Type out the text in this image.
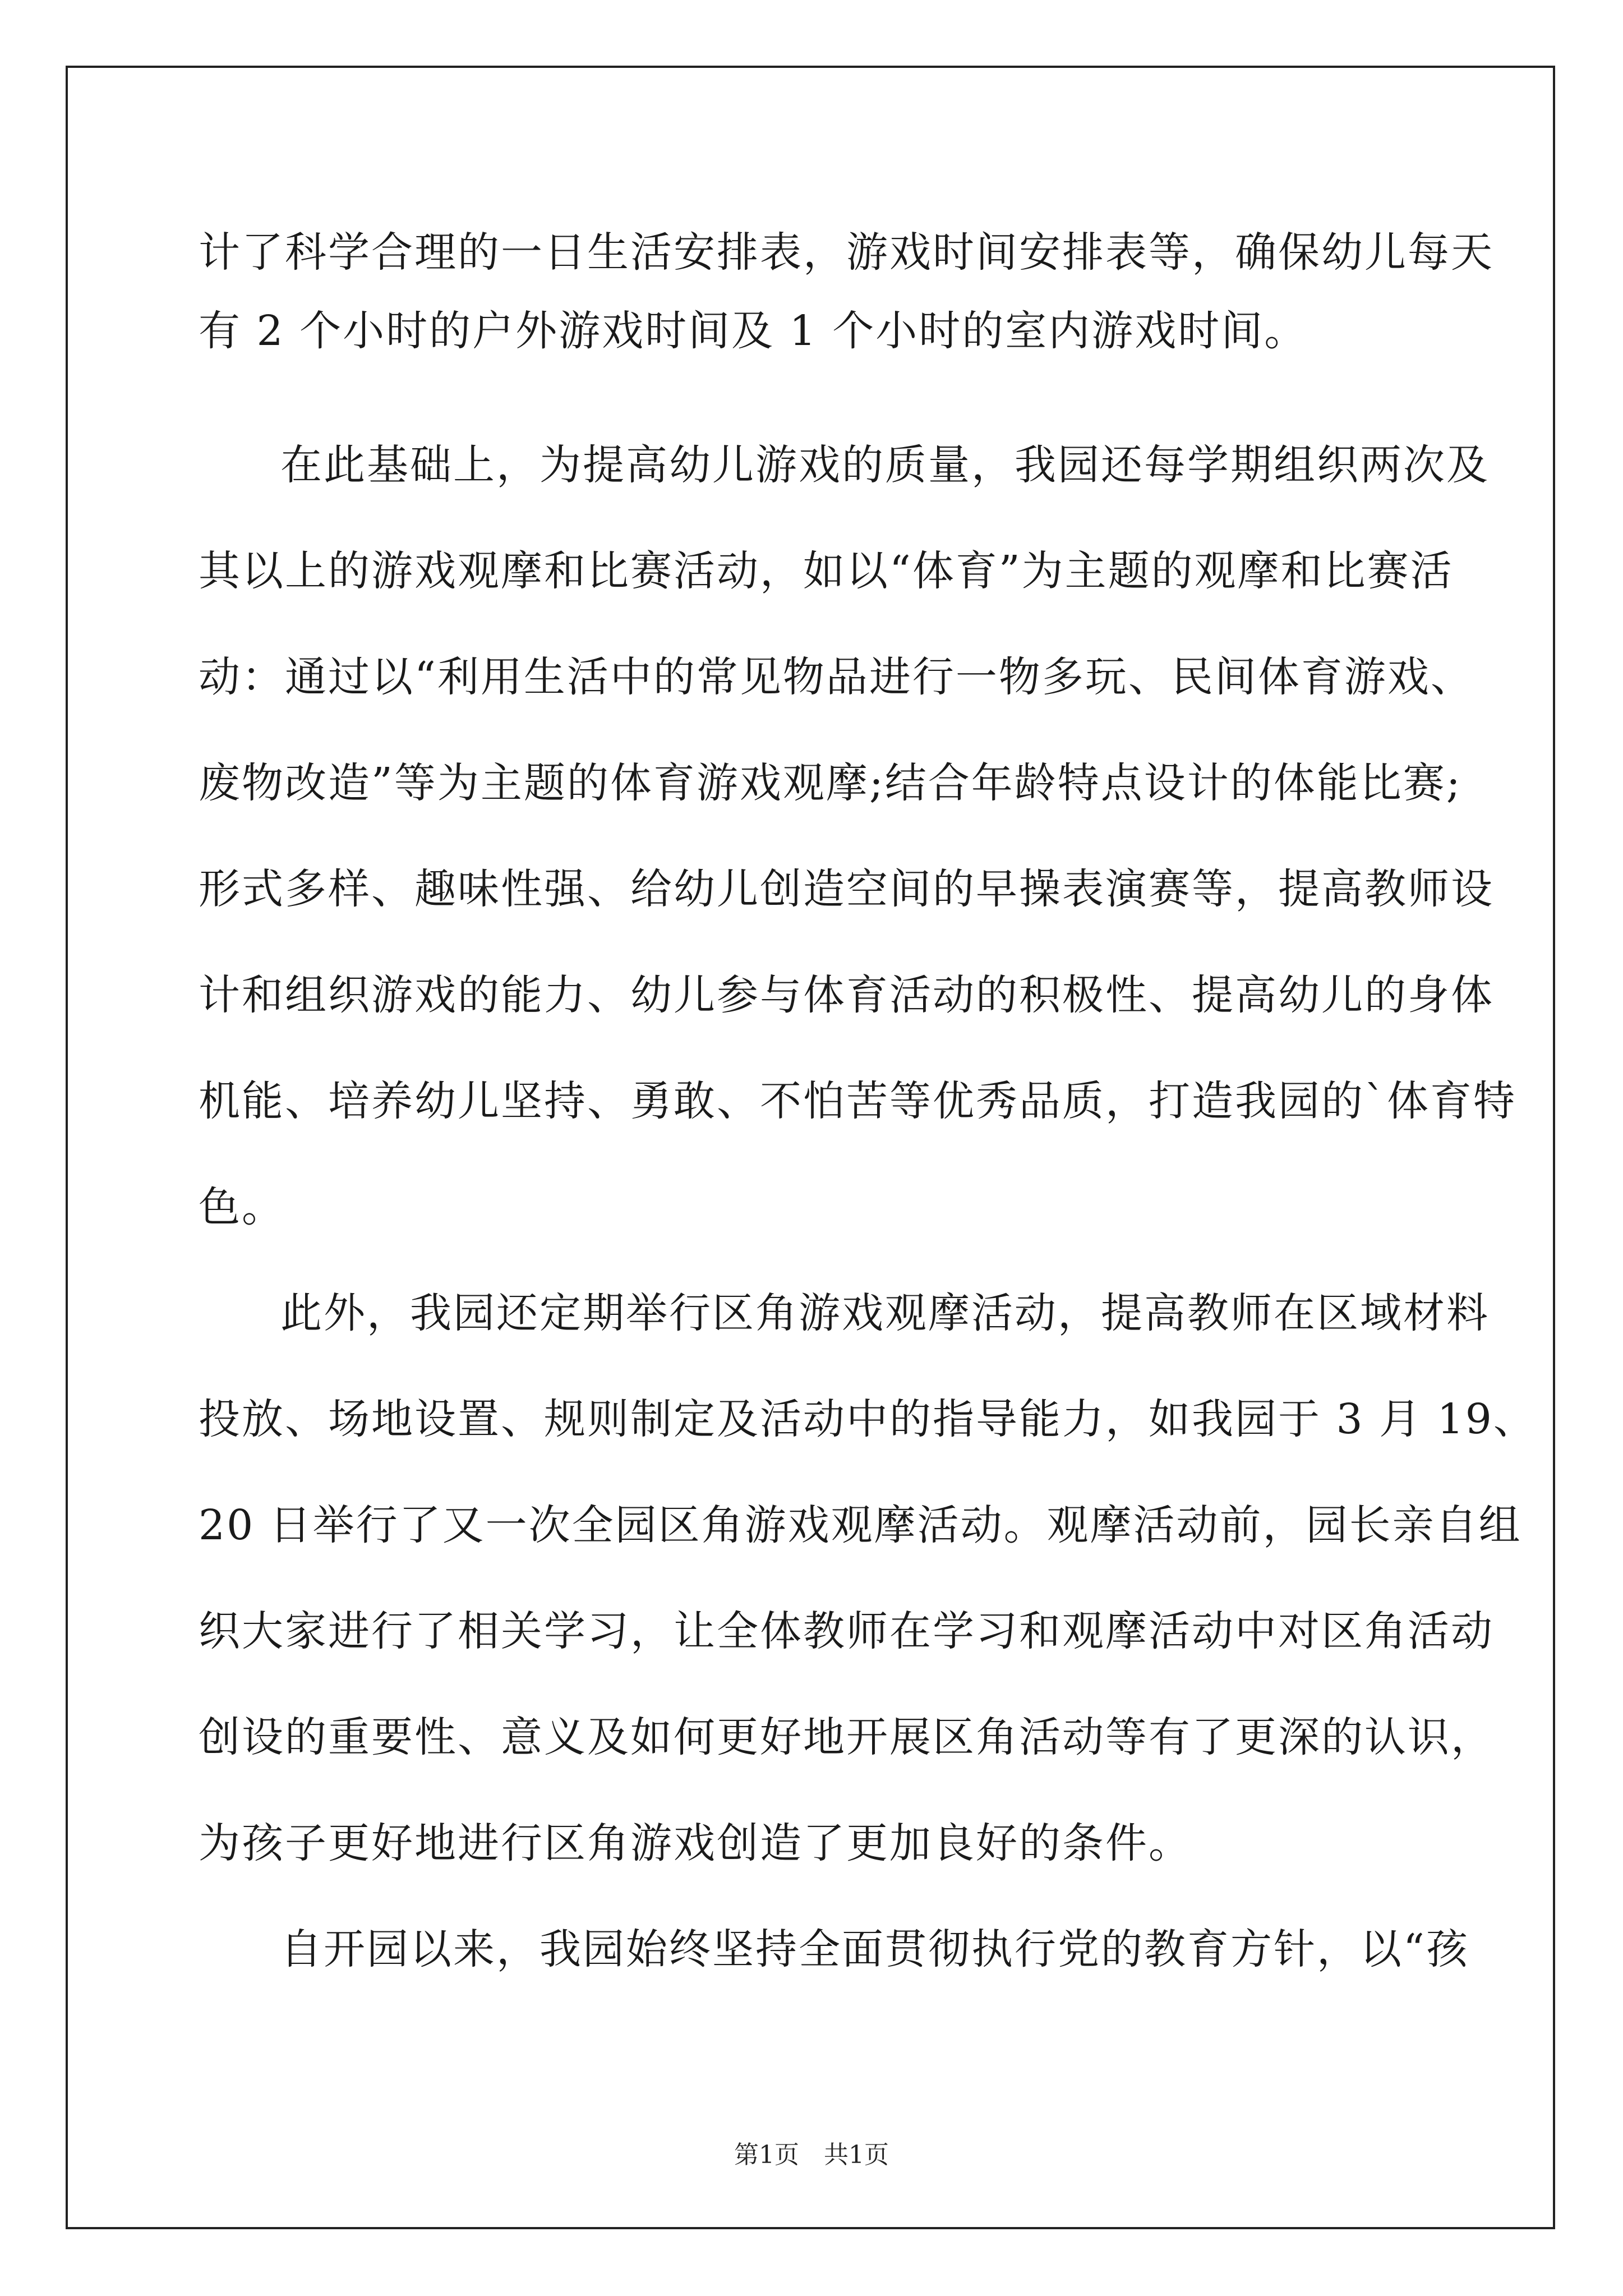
计了科学合理的一日生活安排表，游戏时间安排表等，确保幼儿每天
有 2 个小时的户外游戏时间及 1 个小时的室内游戏时间。
在此基础上，为提高幼儿游戏的质量，我园还每学期组织两次及
其以上的游戏观摩和比赛活动，如以“体育”为主题的观摩和比赛活
动：通过以“利用生活中的常见物品进行一物多玩、民间体育游戏、
废物改造”等为主题的体育游戏观摩;结合年龄特点设计的体能比赛;
形式多样、趣味性强、给幼儿创造空间的早操表演赛等，提高教师设
计和组织游戏的能力、幼儿参与体育活动的积极性、提高幼儿的身体
机能、培养幼儿坚持、勇敢、不怕苦等优秀品质，打造我园的`体育特
色。
此外，我园还定期举行区角游戏观摩活动，提高教师在区域材料
投放、场地设置、规则制定及活动中的指导能力，如我园于 3 月 19、
20 日举行了又一次全园区角游戏观摩活动。观摩活动前，园长亲自组
织大家进行了相关学习，让全体教师在学习和观摩活动中对区角活动
创设的重要性、意义及如何更好地开展区角活动等有了更深的认识，
为孩子更好地进行区角游戏创造了更加良好的条件。
自开园以来，我园始终坚持全面贯彻执行党的教育方针，以“孩
第1页　共1页
